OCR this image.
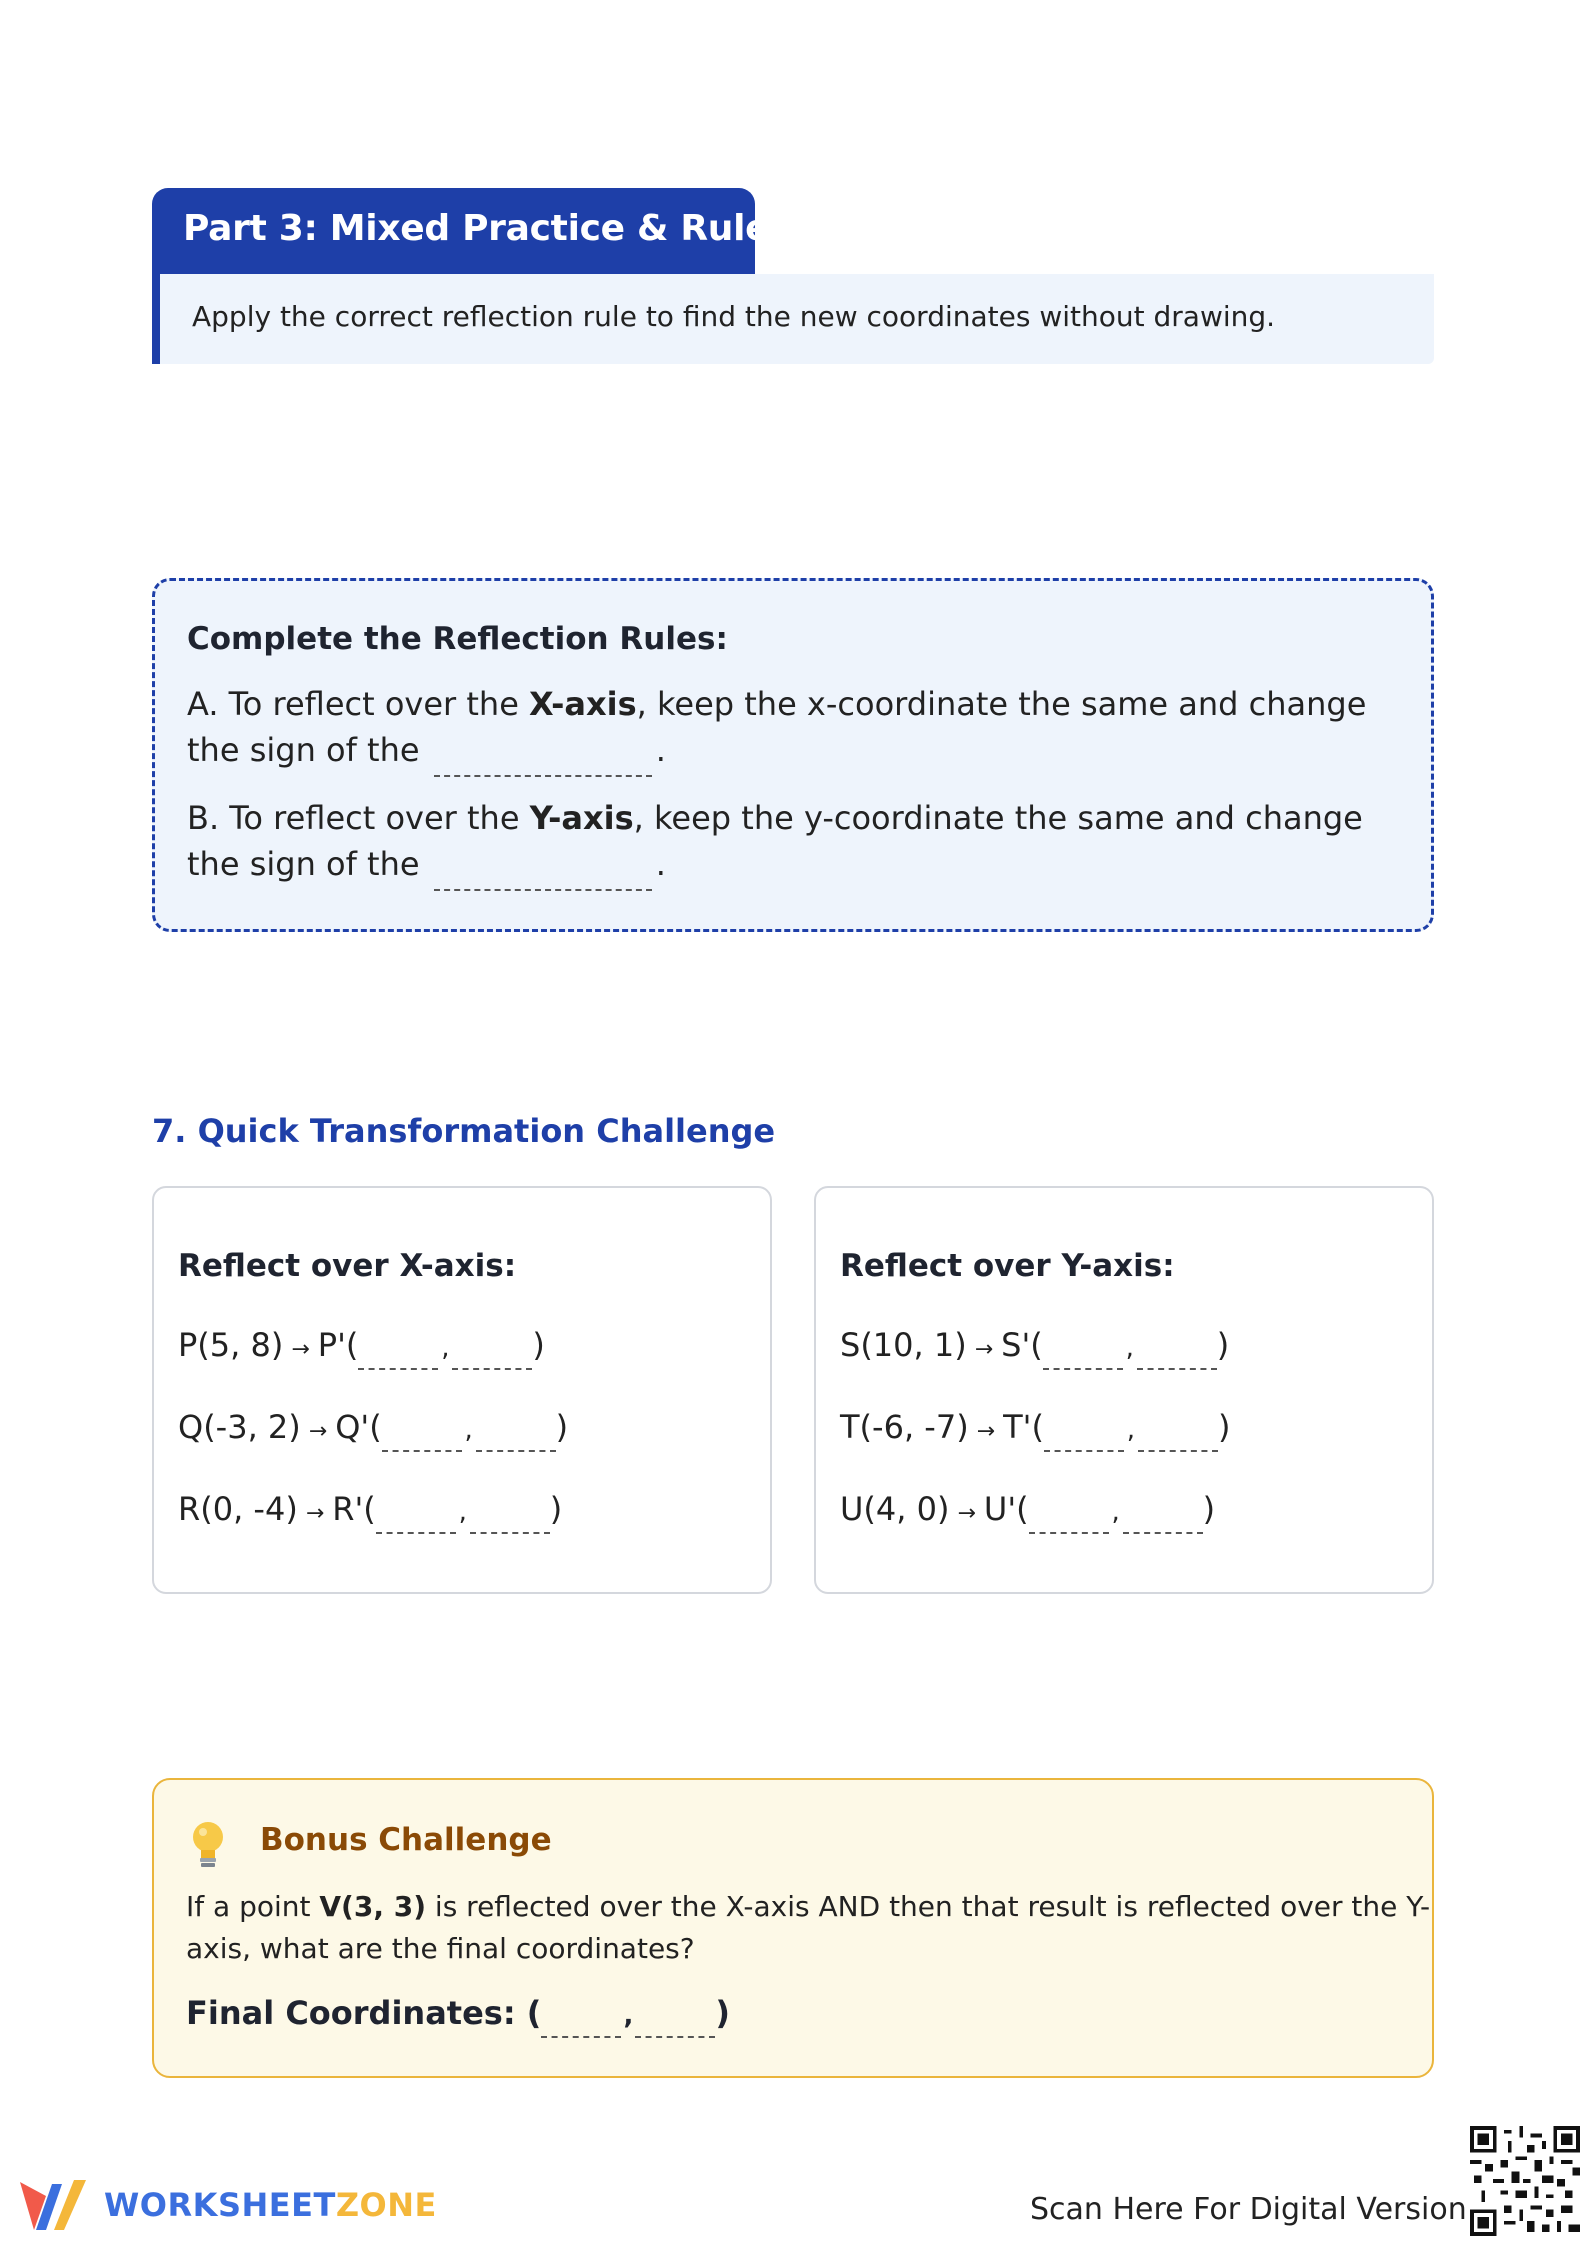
Part 3: Mixed Practice & Rules
Apply the correct reflection rule to find the new coordinates without drawing.
Complete the Reflection Rules:
A. To reflect over the X-axis, keep the x-coordinate the same and change
the sign of the	.
B. To reflect over the Y-axis, keep the y-coordinate the same and change
the sign of the	.
7. Quick Transformation Challenge
Reflect over X-axis:
P(5, 8) → P'(	,	)
Q(-3, 2) → Q'(	,	)
R(0, -4) → R'(	,	)
Reflect over Y-axis:
S(10, 1) → S'(	,	)
T(-6, -7) → T'(	,	)
U(4, 0) → U'(	,	)
Bonus Challenge
If a point V(3, 3) is reflected over the X-axis AND then that result is reflected over the Y-
axis, what are the final coordinates?
Final Coordinates: (	,	)
WORKSHEETZONE	Scan Here For Digital Version
